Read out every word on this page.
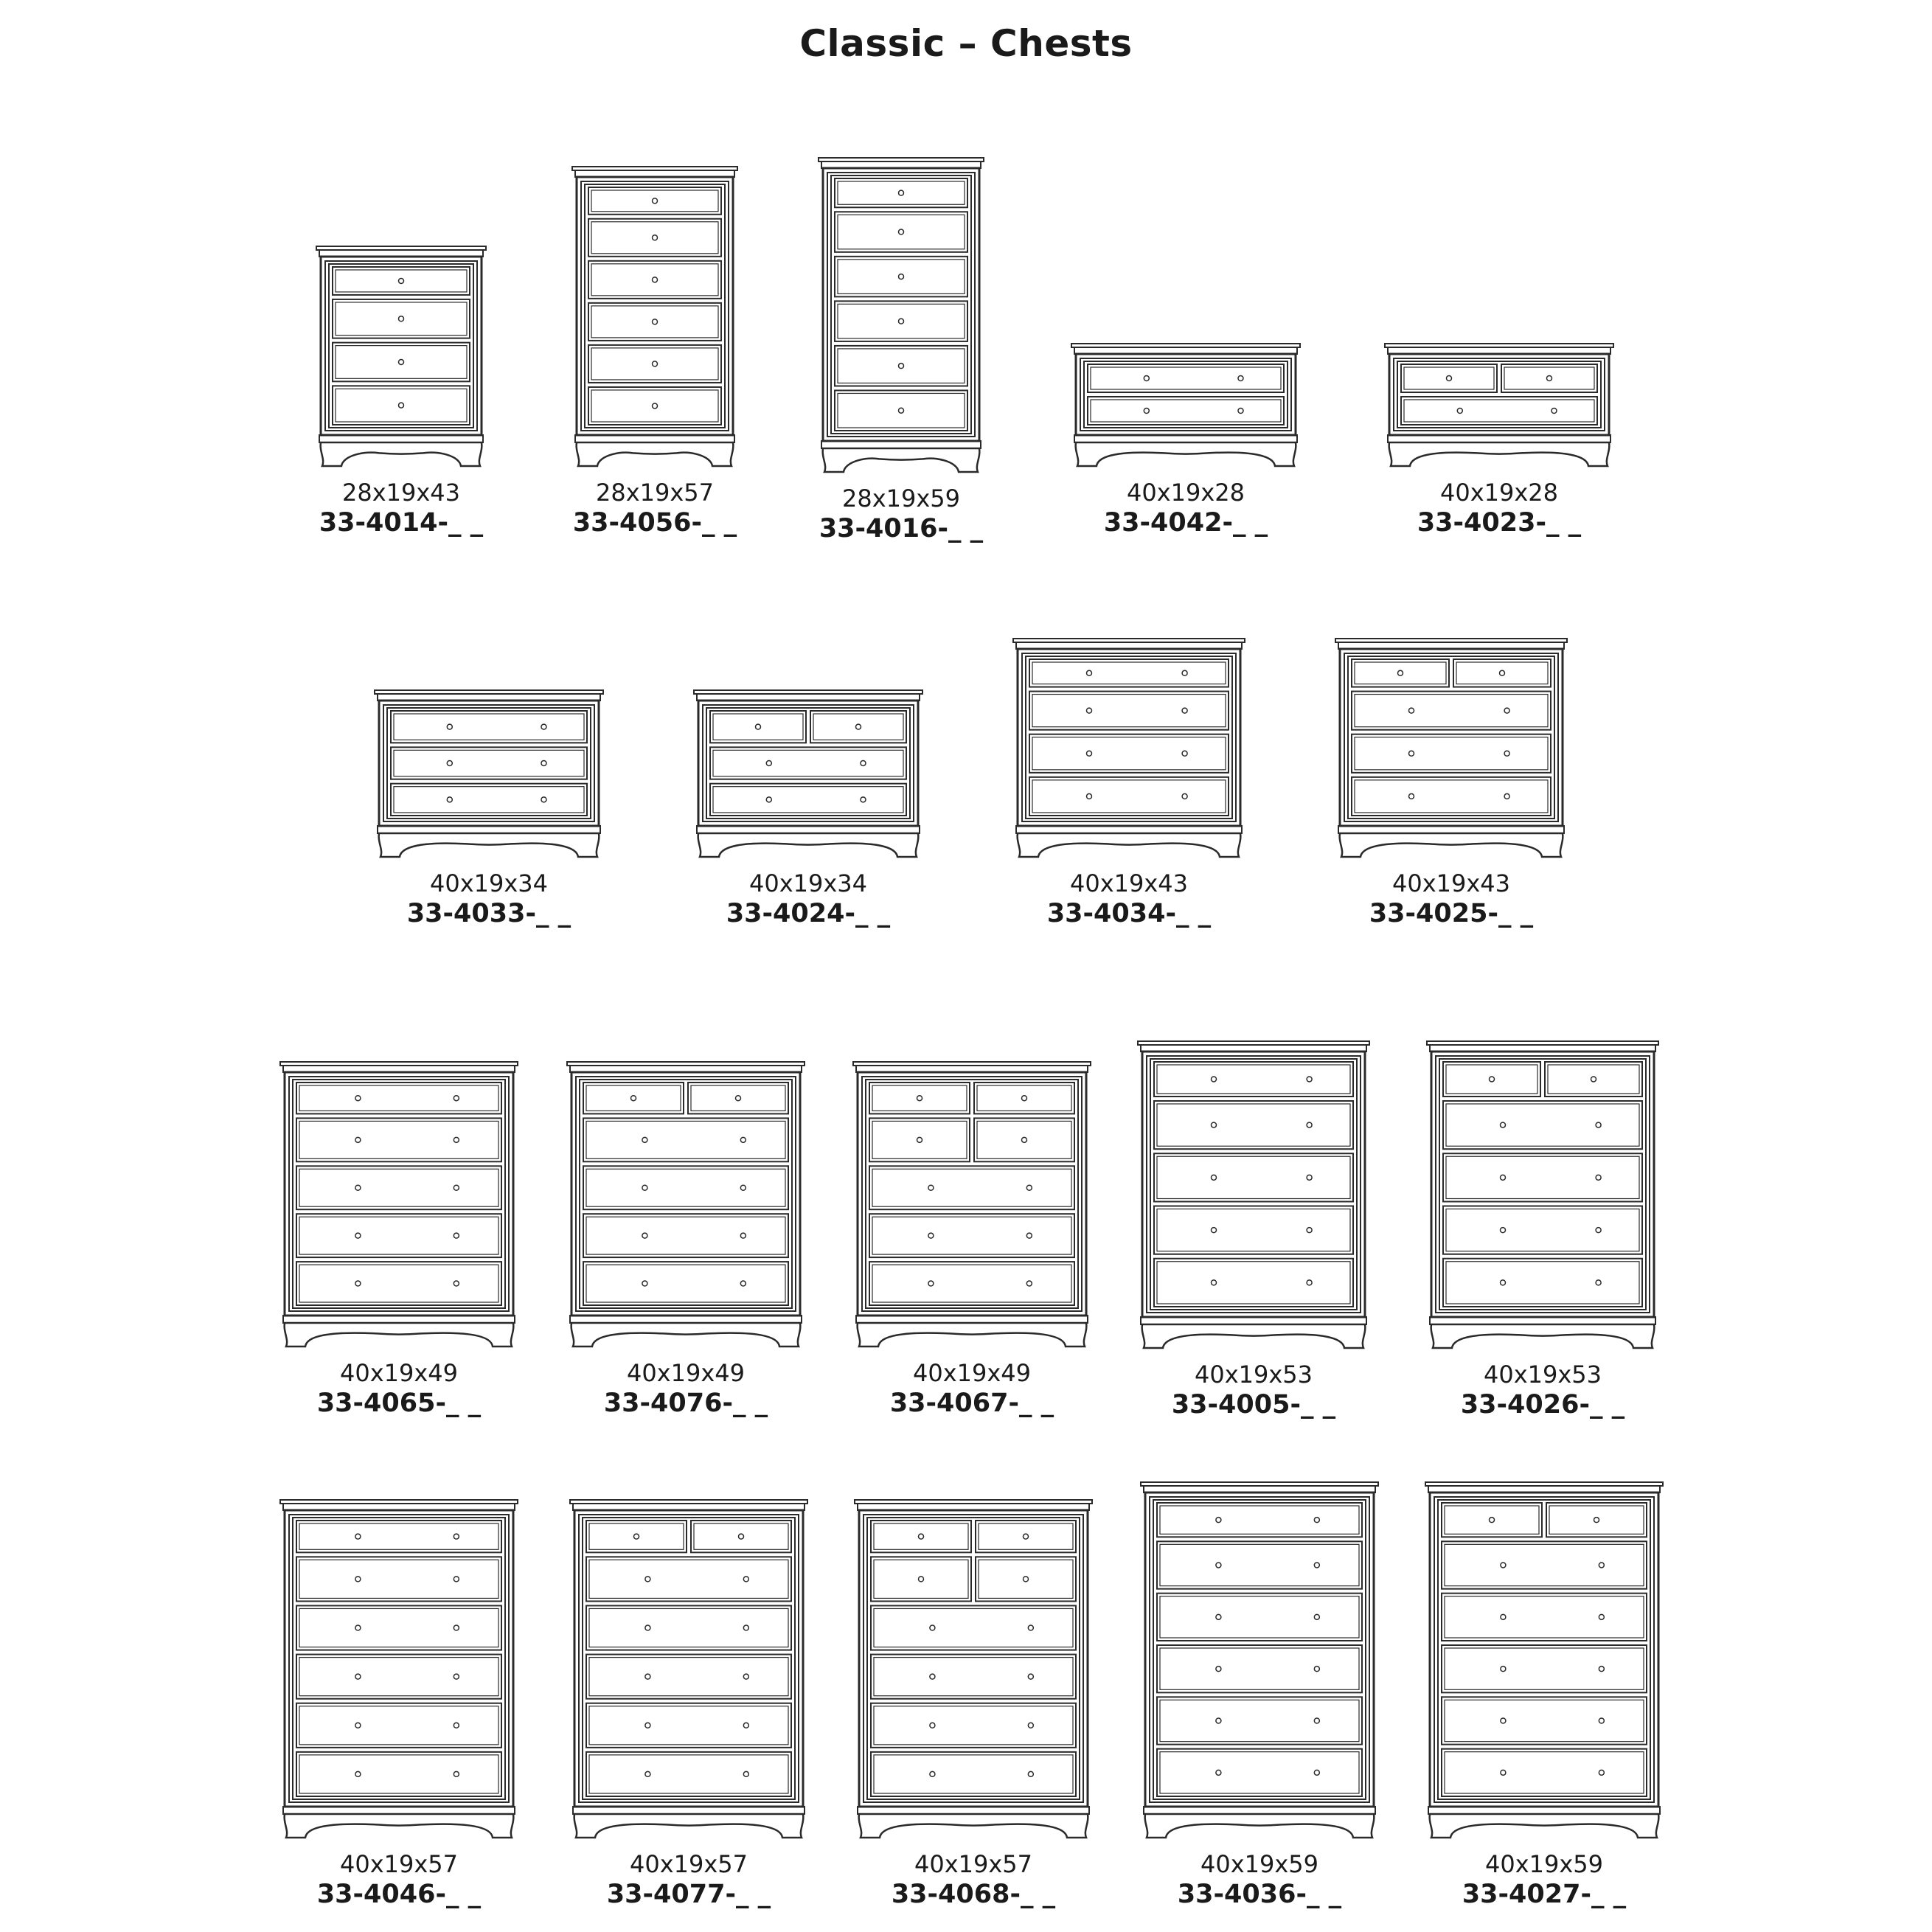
Classic – Chests
28x19x43
33-4014-_ _
28x19x57
33-4056-_ _
28x19x59
33-4016-_ _
40x19x28
33-4042-_ _
40x19x28
33-4023-_ _
40x19x34
33-4033-_ _
40x19x34
33-4024-_ _
40x19x43
33-4034-_ _
40x19x43
33-4025-_ _
40x19x49
33-4065-_ _
40x19x49
33-4076-_ _
40x19x49
33-4067-_ _
40x19x53
33-4005-_ _
40x19x53
33-4026-_ _
40x19x57
33-4046-_ _
40x19x57
33-4077-_ _
40x19x57
33-4068-_ _
40x19x59
33-4036-_ _
40x19x59
33-4027-_ _
